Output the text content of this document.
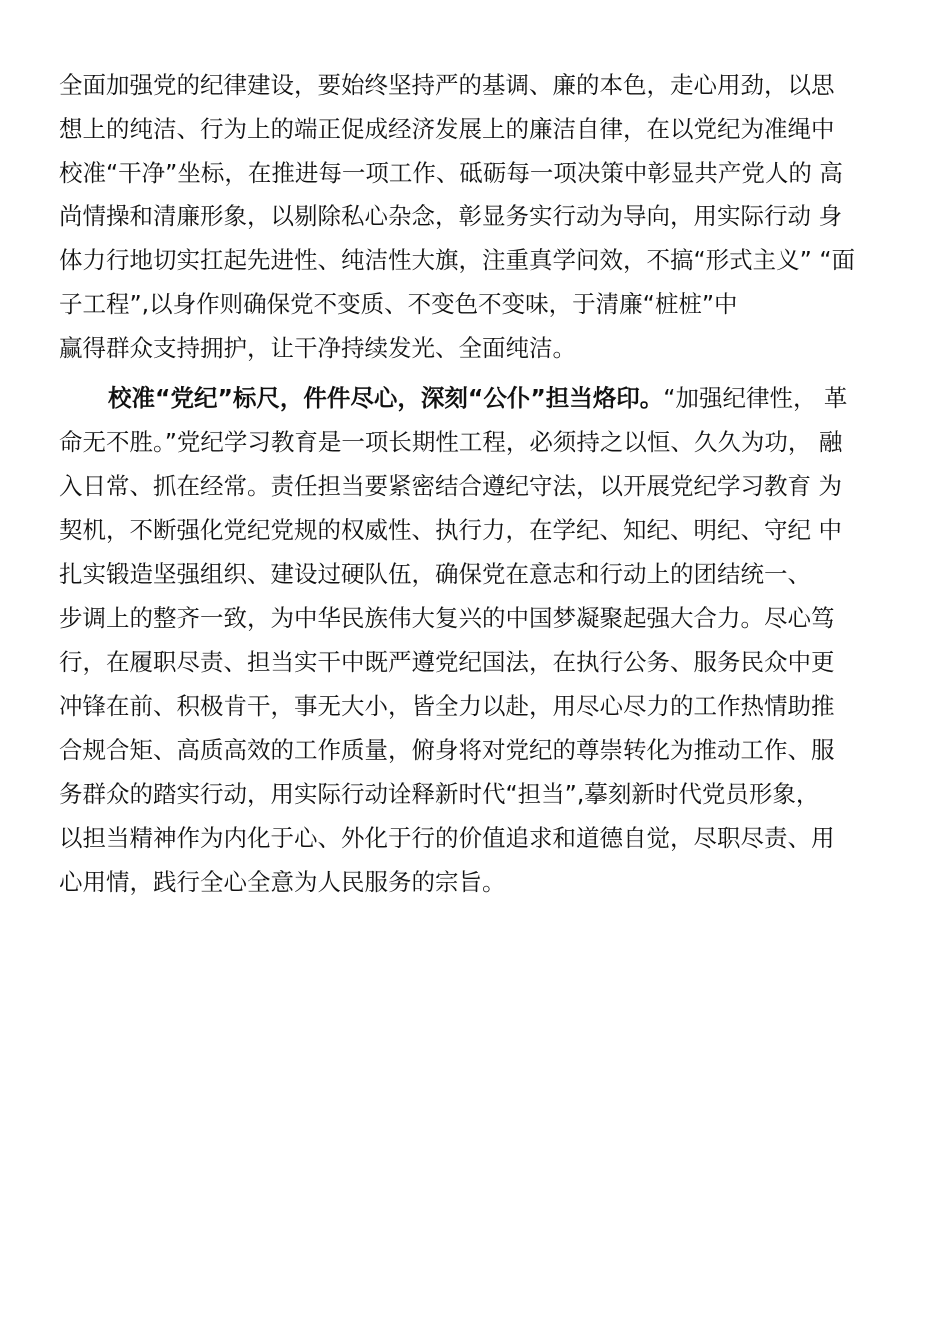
全面加强党的纪律建设，要始终坚持严的基调、廉的本色，走心用劲，以思
想上的纯洁、行为上的端正促成经济发展上的廉洁自律，在以党纪为准绳中
校准“干净”坐标，在推进每一项工作、砥砺每一项决策中彰显共产党人的 高
尚情操和清廉形象，以剔除私心杂念，彰显务实行动为导向，用实际行动 身
体力行地切实扛起先进性、纯洁性大旗，注重真学问效，不搞“形式主义” “面
子工程”,以身作则确保党不变质、不变色不变味，于清廉“桩桩”中
赢得群众支持拥护，让干净持续发光、全面纯洁。
校准“党纪”标尺，件件尽心，深刻“公仆”担当烙印。“加强纪律性， 革
命无不胜。”党纪学习教育是一项长期性工程，必须持之以恒、久久为功， 融
入日常、抓在经常。责任担当要紧密结合遵纪守法，以开展党纪学习教育 为
契机，不断强化党纪党规的权威性、执行力，在学纪、知纪、明纪、守纪 中
扎实锻造坚强组织、建设过硬队伍，确保党在意志和行动上的团结统一、
步调上的整齐一致，为中华民族伟大复兴的中国梦凝聚起强大合力。尽心笃
行，在履职尽责、担当实干中既严遵党纪国法，在执行公务、服务民众中更
冲锋在前、积极肯干，事无大小，皆全力以赴，用尽心尽力的工作热情助推
合规合矩、高质高效的工作质量，俯身将对党纪的尊崇转化为推动工作、服
务群众的踏实行动，用实际行动诠释新时代“担当”,摹刻新时代党员形象，
以担当精神作为内化于心、外化于行的价值追求和道德自觉，尽职尽责、用
心用情，践行全心全意为人民服务的宗旨。
